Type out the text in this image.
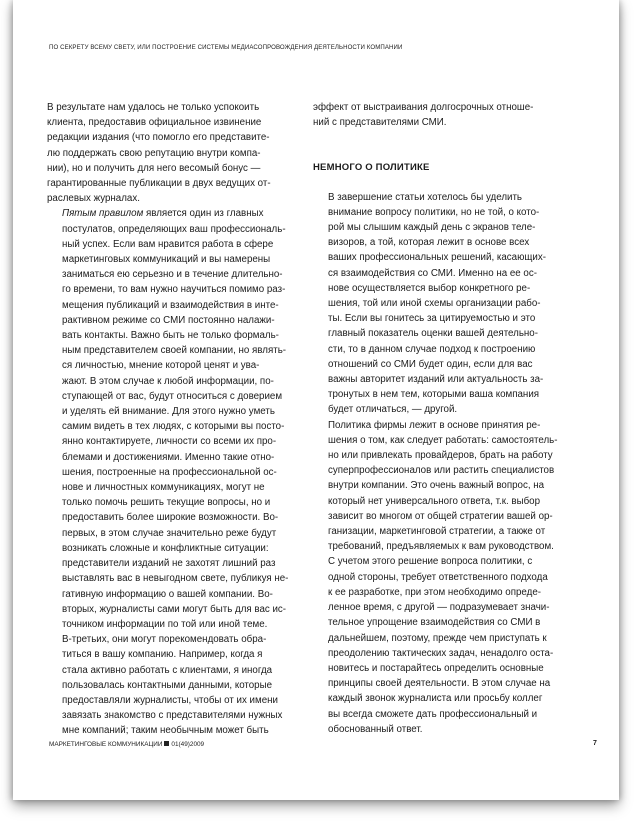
ПО СЕКРЕТУ ВСЕМУ СВЕТУ, ИЛИ ПОСТРОЕНИЕ СИСТЕМЫ МЕДИАСОПРОВОЖДЕНИЯ ДЕЯТЕЛЬНОСТИ КОМПАНИИ

В результате нам удалось не только успокоить
клиента, предоставив официальное извинение
редакции издания (что помогло его представите-
лю поддержать свою репутацию внутри компа-
нии), но и получить для него весомый бонус —
гарантированные публикации в двух ведущих от-
раслевых журналах.

Пятым правилом является один из главных
постулатов, определяющих ваш профессиональ-
ный успех. Если вам нравится работа в сфере
маркетинговых коммуникаций и вы намерены
заниматься ею серьезно и в течение длительно-
го времени, то вам нужно научиться помимо раз-
мещения публикаций и взаимодействия в инте-
рактивном режиме со СМИ постоянно налажи-
вать контакты. Важно быть не только формаль-
ным представителем своей компании, но являть-
ся личностью, мнение которой ценят и ува-
жают. В этом случае к любой информации, по-
ступающей от вас, будут относиться с доверием
и уделять ей внимание. Для этого нужно уметь
самим видеть в тех людях, с которыми вы посто-
янно контактируете, личности со всеми их про-
блемами и достижениями. Именно такие отно-
шения, построенные на профессиональной ос-
нове и личностных коммуникациях, могут не
только помочь решить текущие вопросы, но и
предоставить более широкие возможности. Во-
первых, в этом случае значительно реже будут
возникать сложные и конфликтные ситуации:
представители изданий не захотят лишний раз
выставлять вас в невыгодном свете, публикуя не-
гативную информацию о вашей компании. Во-
вторых, журналисты сами могут быть для вас ис-
точником информации по той или иной теме.
В-третьих, они могут порекомендовать обра-
титься в вашу компанию. Например, когда я
стала активно работать с клиентами, я иногда
пользовалась контактными данными, которые
предоставляли журналисты, чтобы от их имени
завязать знакомство с представителями нужных
мне компаний; таким необычным может быть

эффект от выстраивания долгосрочных отноше-
ний с представителями СМИ.

НЕМНОГО О ПОЛИТИКЕ

В завершение статьи хотелось бы уделить
внимание вопросу политики, но не той, о кото-
рой мы слышим каждый день с экранов теле-
визоров, а той, которая лежит в основе всех
ваших профессиональных решений, касающих-
ся взаимодействия со СМИ. Именно на ее ос-
нове осуществляется выбор конкретного ре-
шения, той или иной схемы организации рабо-
ты. Если вы гонитесь за цитируемостью и это
главный показатель оценки вашей деятельно-
сти, то в данном случае подход к построению
отношений со СМИ будет один, если для вас
важны авторитет изданий или актуальность за-
тронутых в нем тем, которыми ваша компания
будет отличаться, — другой.

Политика фирмы лежит в основе принятия ре-
шения о том, как следует работать: самостоятель-
но или привлекать провайдеров, брать на работу
суперпрофессионалов или растить специалистов
внутри компании. Это очень важный вопрос, на
который нет универсального ответа, т.к. выбор
зависит во многом от общей стратегии вашей ор-
ганизации, маркетинговой стратегии, а также от
требований, предъявляемых к вам руководством.
С учетом этого решение вопроса политики, с
одной стороны, требует ответственного подхода
к ее разработке, при этом необходимо опреде-
ленное время, с другой — подразумевает значи-
тельное упрощение взаимодействия со СМИ в
дальнейшем, поэтому, прежде чем приступать к
преодолению тактических задач, ненадолго оста-
новитесь и постарайтесь определить основные
принципы своей деятельности. В этом случае на
каждый звонок журналиста или просьбу коллег
вы всегда сможете дать профессиональный и
обоснованный ответ.

МАРКЕТИНГОВЫЕ КОММУНИКАЦИИ 01(49)2009	7
